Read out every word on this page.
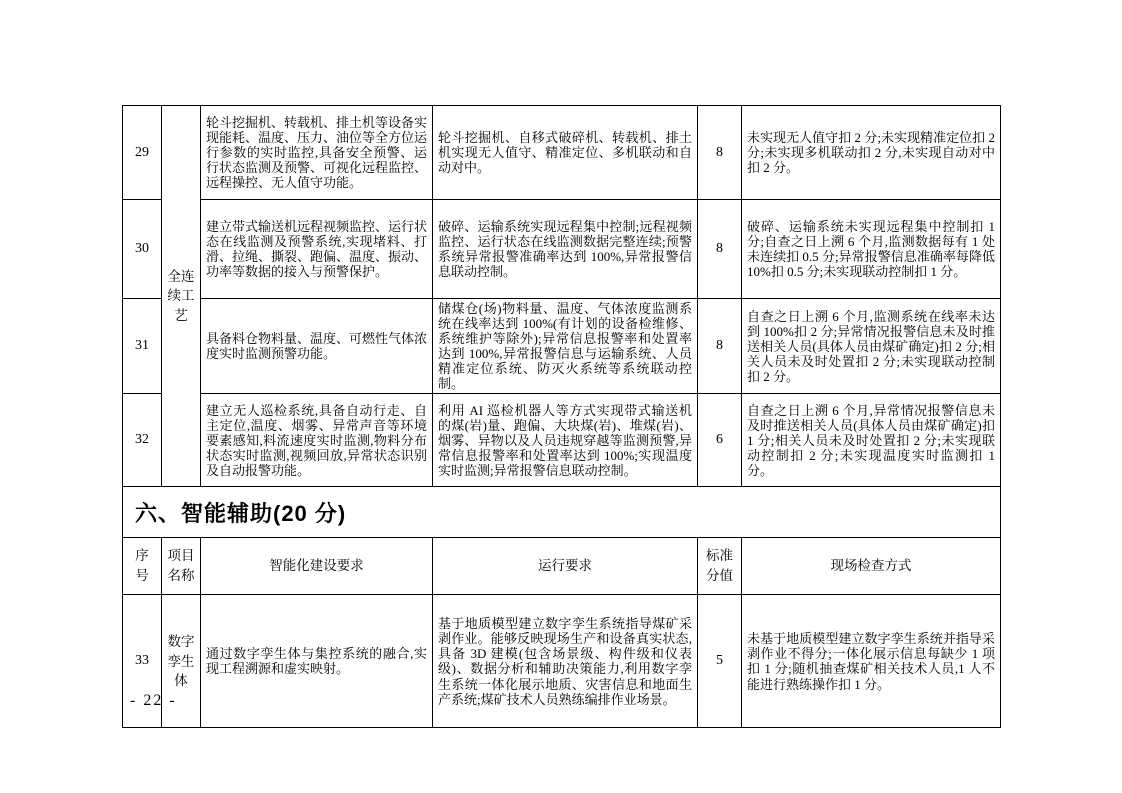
29	全连续工艺	轮斗挖掘机、转载机、排土机等设备实现能耗、温度、压力、油位等全方位运行参数的实时监控,具备安全预警、运行状态监测及预警、可视化远程监控、远程操控、无人值守功能。	轮斗挖掘机、自移式破碎机、转载机、排土机实现无人值守、精准定位、多机联动和自动对中。	8	未实现无人值守扣 2 分;未实现精准定位扣 2 分;未实现多机联动扣 2 分,未实现自动对中扣 2 分。
30		建立带式输送机远程视频监控、运行状态在线监测及预警系统,实现堵料、打滑、拉绳、撕裂、跑偏、温度、振动、功率等数据的接入与预警保护。	破碎、运输系统实现远程集中控制;远程视频监控、运行状态在线监测数据完整连续;预警系统异常报警准确率达到 100%,异常报警信息联动控制。	8	破碎、运输系统未实现远程集中控制扣 1 分;自查之日上溯 6 个月,监测数据每有 1 处未连续扣 0.5 分;异常报警信息准确率每降低 10%扣 0.5 分;未实现联动控制扣 1 分。
31		具备料仓物料量、温度、可燃性气体浓度实时监测预警功能。	储煤仓(场)物料量、温度、气体浓度监测系统在线率达到 100%(有计划的设备检维修、系统维护等除外);异常信息报警率和处置率达到 100%,异常报警信息与运输系统、人员精准定位系统、防灭火系统等系统联动控制。	8	自查之日上溯 6 个月,监测系统在线率未达到 100%扣 2 分;异常情况报警信息未及时推送相关人员(具体人员由煤矿确定)扣 2 分;相关人员未及时处置扣 2 分;未实现联动控制扣 2 分。
32		建立无人巡检系统,具备自动行走、自主定位,温度、烟雾、异常声音等环境要素感知,料流速度实时监测,物料分布状态实时监测,视频回放,异常状态识别及自动报警功能。	利用 AI 巡检机器人等方式实现带式输送机的煤(岩)量、跑偏、大块煤(岩)、堆煤(岩)、烟雾、异物以及人员违规穿越等监测预警,异常信息报警率和处置率达到 100%;实现温度实时监测;异常报警信息联动控制。	6	自查之日上溯 6 个月,异常情况报警信息未及时推送相关人员(具体人员由煤矿确定)扣 1 分;相关人员未及时处置扣 2 分;未实现联动控制扣 2 分;未实现温度实时监测扣 1 分。
六、智能辅助(20 分)					
序号	项目名称	智能化建设要求	运行要求	标准分值	现场检查方式
33	数字孪生体	通过数字孪生体与集控系统的融合,实现工程溯源和虚实映射。	基于地质模型建立数字孪生系统指导煤矿采剥作业。能够反映现场生产和设备真实状态,具备 3D 建模(包含场景级、构件级和仪表级)、数据分析和辅助决策能力,利用数字孪生系统一体化展示地质、灾害信息和地面生产系统;煤矿技术人员熟练编排作业场景。	5	未基于地质模型建立数字孪生系统并指导采剥作业不得分;一体化展示信息每缺少 1 项扣 1 分;随机抽查煤矿相关技术人员,1 人不能进行熟练操作扣 1 分。
- 22 -
